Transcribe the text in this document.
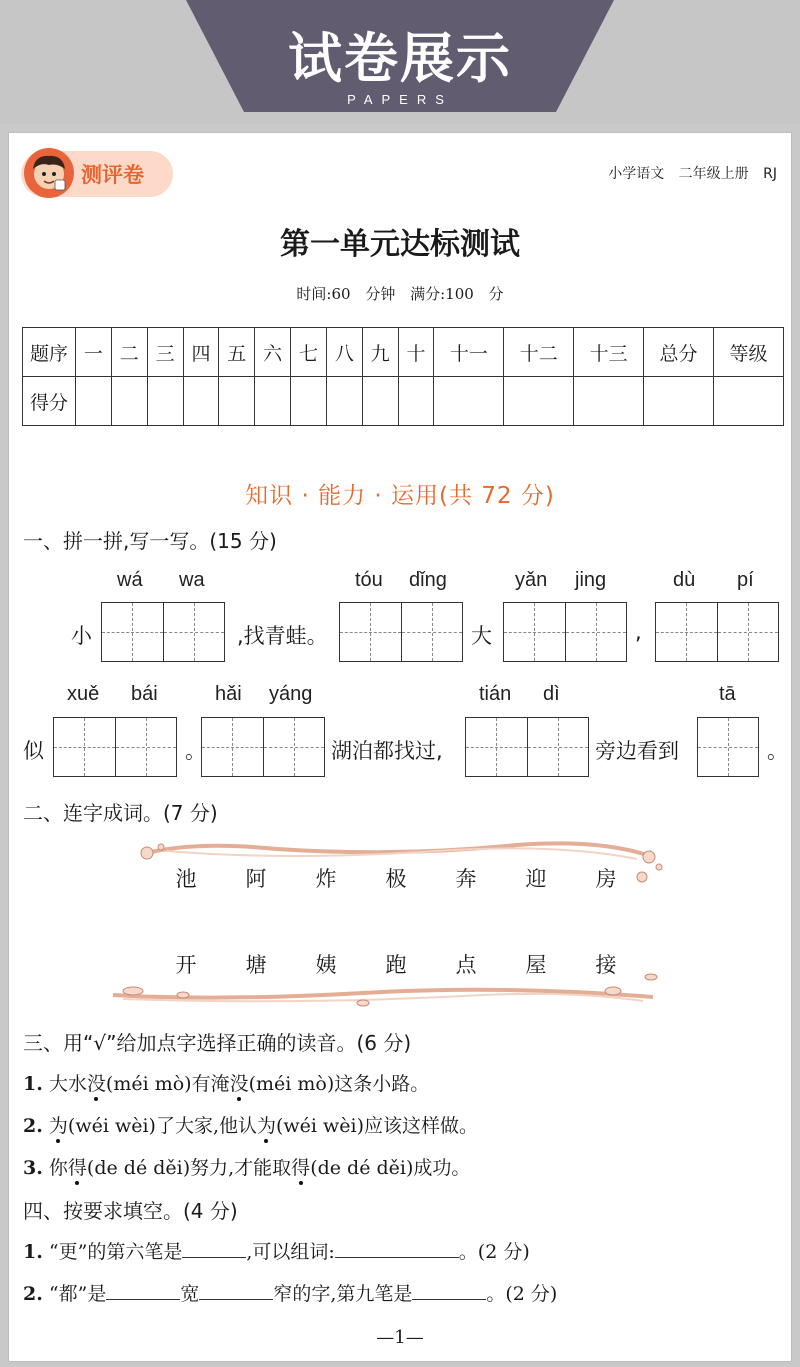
试卷展示
PAPERS
测评卷	小学语文 二年级上册 RJ
第一单元达标测试
时间:60 分钟 满分:100 分
题序	一	二	三	四	五	六	七	八	九	十	十一	十二	十三	总分	等级
得分															
知识 · 能力 · 运用(共 72 分)
一、拼一拼,写一写。(15 分)
wá wa	tóu dǐng	yǎn jing	dù pí
小	,找青蛙。	大	,
xuě bái	hǎi yáng	tián dì	tā
似	。	湖泊都找过,	旁边看到	。
二、连字成词。(7 分)
池	阿	炸	极	奔	迎	房
开	塘	姨	跑	点	屋	接
三、用“√”给加点字选择正确的读音。(6 分)
1. 大水没(méi mò)有淹没(méi mò)这条小路。
2. 为(wéi wèi)了大家,他认为(wéi wèi)应该这样做。
3. 你得(de dé děi)努力,才能取得(de dé děi)成功。
四、按要求填空。(4 分)
1. “更”的第六笔是	,可以组词:	。(2 分)
2. “都”是	宽	窄的字,第九笔是	。(2 分)
—1—
